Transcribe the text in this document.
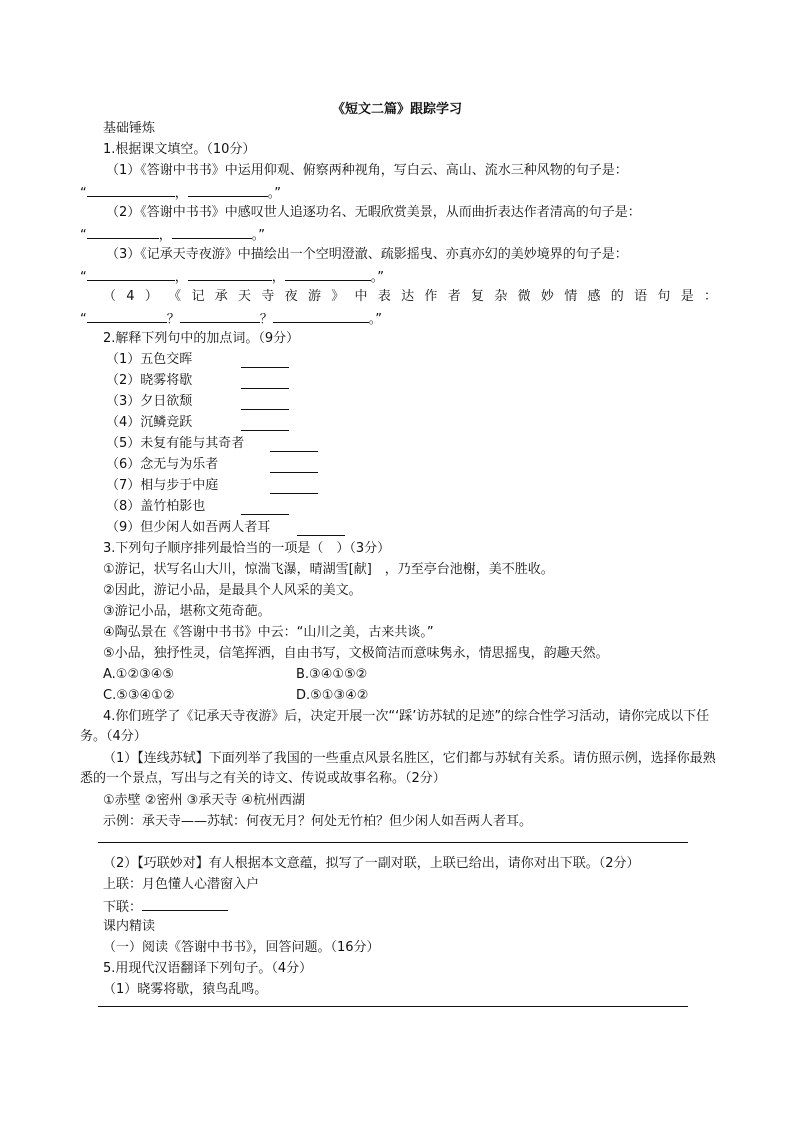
《短文二篇》跟踪学习
基础锤炼
1.根据课文填空。（10分）
（1）《答谢中书书》中运用仰观、俯察两种视角，写白云、高山、流水三种风物的句子是：
“	，	。”
（2）《答谢中书书》中感叹世人追逐功名、无暇欣赏美景，从而曲折表达作者清高的句子是：
“	，	。”
（3）《记承天寺夜游》中描绘出一个空明澄澈、疏影摇曳、亦真亦幻的美妙境界的句子是：
“	，	，	。”
（ 4 ） 《 记 承 天 寺 夜 游 》 中 表 达 作 者 复 杂 微 妙 情 感 的 语 句 是 ：
“	？	？	。”
2.解释下列句中的加点词。（9分）
（1）五色交晖
（2）晓雾将歇
（3）夕日欲颓
（4）沉鳞竞跃
（5）未复有能与其奇者
（6）念无与为乐者
（7）相与步于中庭
（8）盖竹柏影也
（9）但少闲人如吾两人者耳
3.下列句子顺序排列最恰当的一项是（　）（3分）
①游记，状写名山大川，惊湍飞瀑，晴湖雪[献]　，乃至亭台池榭，美不胜收。
②因此，游记小品，是最具个人风采的美文。
③游记小品，堪称文苑奇葩。
④陶弘景在《答谢中书书》中云：“山川之美，古来共谈。”
⑤小品，独抒性灵，信笔挥洒，自由书写，文极简洁而意味隽永，情思摇曳，韵趣天然。
A.①②③④⑤	B.③④①⑤②
C.⑤③④①②	D.⑤①③④②
4.你们班学了《记承天寺夜游》后，决定开展一次“‘踩’访苏轼的足迹”的综合性学习活动，请你完成以下任务。（4分）
（1）【连线苏轼】下面列举了我国的一些重点风景名胜区，它们都与苏轼有关系。请仿照示例，选择你最熟悉的一个景点，写出与之有关的诗文、传说或故事名称。（2分）
①赤壁 ②密州 ③承天寺 ④杭州西湖
示例：承天寺——苏轼：何夜无月？何处无竹柏？但少闲人如吾两人者耳。
（2）【巧联妙对】有人根据本文意蕴，拟写了一副对联，上联已给出，请你对出下联。（2分）
上联：月色懂人心潜窗入户
下联：
课内精读
（一）阅读《答谢中书书》，回答问题。（16分）
5.用现代汉语翻译下列句子。（4分）
（1）晓雾将歇，猿鸟乱鸣。
